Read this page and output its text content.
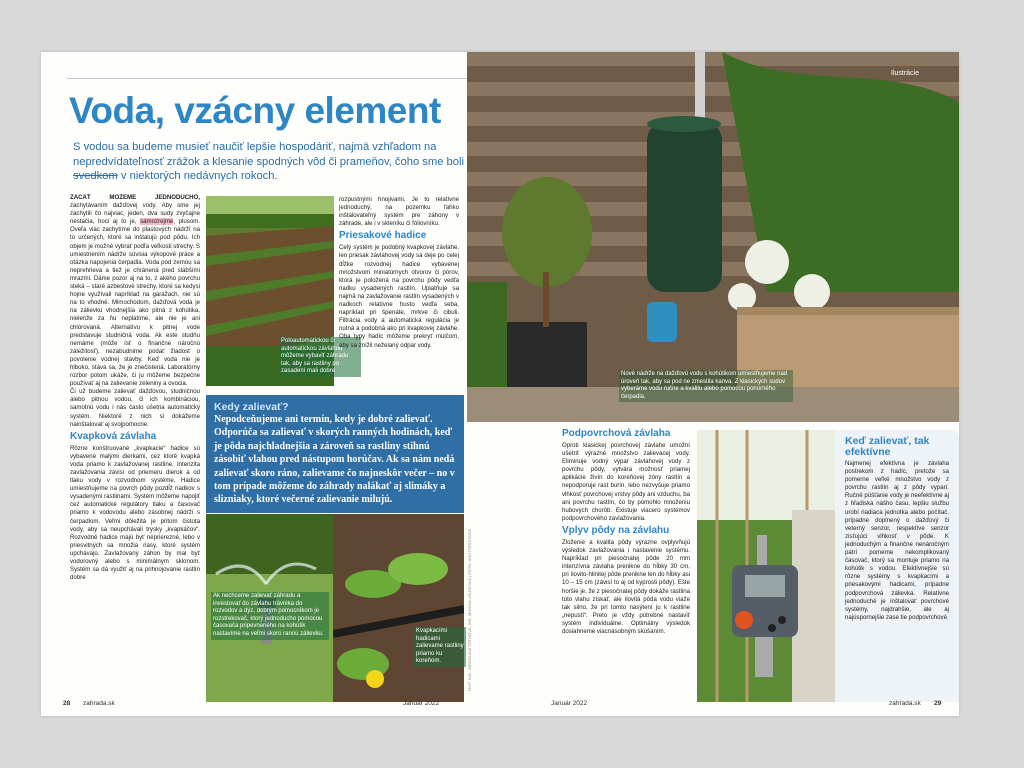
Voda, vzácny element
S vodou sa budeme musieť naučiť lepšie hospodáriť, najmä vzhľadom na nepredvídateľnosť zrážok a klesanie spodných vôd či prameňov, čoho sme boli svedkom v niektorých nedávnych rokoch.

ZAČAŤ MÔŽEME JEDNODUCHO, zachytávaním dažďovej vody. Aby sme jej zachytili čo najviac, jeden, dva sudy zvyčajne nestačia, hoci aj to je, samozrejme, plusom. Oveľa viac zachytíme do plastových nádrží na to určených, ktoré sa inštalujú pod pôdu. Ich objem je možné vybrať podľa veľkosti strechy. S umiestnením nádrže súvisia výkopové práce a otázka napojenia čerpadla. Voda pod zemou sa neprehrieva a tiež je chránená pred slabšími mrazmi. Dáme pozor aj na to, z akého povrchu steká – staré azbestové strechy, ktoré sa kedysi hojne využívali napríklad na garážach, nie sú na to vhodné. Mimochodom, dažďová voda je na zálievku vhodnejšia ako pitná z kohútika, nielenže za ňu neplatíme, ale nie je ani chlórovaná. Alternatívu k pitnej vode predstavuje studničná voda. Ak este studňu nemáme (môže ísť o finančne náročnú záležitosť), nezabudnime podať žiadosť o povolenie vodnej stavby. Keď voda nie je hlboko, stáva sa, že je znečistená. Laboratórny rozbor potom ukáže, či ju môžeme bezpečne používať aj na zalievanie zeleniny a ovocia.

Či už budeme zalievať dažďovou, studničnou alebo pitnou vodou, či ich kombináciou, samotnú vodu i nás často ušetria automatický systém. Niektoré z nich si dokážeme nainštalovať aj svojpomocne.

Kvapková závlaha

Rôzne konštruované „kvapkacie“ hadice sú vybavené malými dierkami, cez ktoré kvapká voda priamo k zavlažovanej rastline. Intenzita zavlažovania závisí od priemeru dierok a od tlaku vody v rozvodnom systéme. Hadice umiestňujeme na povrch pôdy pozdĺž riadkov s vysadenými rastlinami. Systém môžeme napojiť cez automatické regulátory tlaku a časovač priamo k vodovodu alebo zásobnej nádrži s čerpadlom. Veľmi dôležitá je pritom čistota vody, aby sa neupchávali trysky „kvapkáčov“. Rozvodné hadice majú byť neprierezné, lebo v priesvitných sa množia riasy, ktoré systém upchávajú. Zavlažovaný záhon by mal byť vodorovný alebo s minimálnym sklonom. Systém sa dá využiť aj na prihnojovanie rastlín dobre

Poloautomatickou či automatickou závlahou môžeme vybaviť záhradu tak, aby sa rastliny po zasadení mali dobre

rozpustnými hnojivami. Je to relatívne jednoduchý, na pozemku ľahko inštalovateľný systém pre záhony v záhrade, ale i v skleníku či fóliovníku.

Priesakové hadice

Celý systém je podobný kvapkovej závlahe, len priesak závlahovej vody sa deje po celej dĺžke rozvodnej hadice vybavenej množstvom miniatúrnych otvorov či pórov, ktorá je položená na povrchu pôdy vedľa riadku vysadených rastlín. Uplatňuje sa najmä na zavlažovanie rastlín vysadených v riadkoch relatívne husto vedľa seba, napríklad pri špenáte, mrkve či cibuli. Filtrácia vody a automatická regulácia je nutná a podobná ako pri kvapkovej závlahe. Oba typy hadíc môžeme prekryť mulčom, aby sa znížil neželaný odpar vody.

Kedy zalievať?
Nepodceňujeme ani termín, kedy je dobré zalievať. Odporúča sa zalievať v skorých ranných hodinách, keď je pôda najchladnejšia a zároveň sa rastliny stihnú zásobiť vlahou pred nástupom horúčav. Ak sa nám nedá zalievať skoro ráno, zalievame čo najneskôr večer – no v tom prípade môžeme do záhrady nalákať aj slimáky a slizniaky, ktoré večerné zalievanie milujú.
Ak nechceme zalievať záhradu a investovať do závlahu trávnika do rozvodov a dýz, dobrým pomocníkom je rozstrekovač, ktorý jednoducho pomocou časovača pripevneného na kohútik nastavíme na veľmi skorú rannú zálievku.	Kvapkacími hadicami zalievame rastliny priamo ku koreňom.	TEXT: ING. JAROSLAVA TÓTHOVÁ, ING. MONIKA VÁLEKOVÁ | FOTO: SHUTTERSTOCK
Ilustrácie
Nové nádrže na dažďovú vodu s kohútikom umiestňujeme nad úroveň tak, aby sa pod ne zmestila kanva. Z klasických sudov vyberáme vodu ručne a kvalitu alebo pomocou ponorného čerpadla.
Podpovrchová závlaha

Oproti klasickej povrchovej závlahe umožní ušetriť výrazné množstvo zalievacej vody. Eliminuje vodný výpar závlahovej vody z povrchu pôdy, vytvára možnosť priamej aplikácie živín do koreňovej zóny rastlín a nepodporuje rast burín, lebo nezvyšuje priamo vlhkosť povrchovej vrstvy pôdy ani vzduchu, ba ani povrchu rastlín, čo by pomohlo množeniu hubových chorôb. Existuje viacero systémov podpovrchového zavlažovania.

Vplyv pôdy na závlahu

Zloženie a kvalita pôdy výrazne ovplyvňujú výsledok zavlažovania i nastavenie systému. Napríklad pri piesočnatej pôde 20 mm intenzívna závlaha prenikne do hĺbky 30 cm, pri ílovito-hlinitej pôde prenikne len do hĺbky asi 10 – 15 cm (závisí to aj od kyprosti pôdy). Ešte horšie je, že z piesočnatej pôdy dokáže rastlina túto vlahu získať, ale ílovitá pôda vodu viaže tak silno, že pri tomto nasýtení ju k rastline „nepustí“. Preto je vždy potrebné nastaviť systém individuálne. Optimálny výsledok dosiahneme viacnásobným skúšaním.

Keď zalievať, tak efektívne
Najmenej efektívna je závlaha postrekom z hadíc, pretože sa pomerne veľké množstvo vody z povrchu rastlín aj z pôdy vyparí. Ručné púšťanie vody je neefektívne aj z hľadiska nášho času, lepšiu službu urobí riadiaca jednotka alebo počítač, prípadne doplnený o dažďový či veterný senzor, respektíve senzor zisťujúci vlhkosť v pôde. K jednoduchým a finančne nenáročným patrí pomerne nekomplikovaný časovač, ktorý sa montuje priamo na kohútik s vodou. Efektívnejšie sú rôzne systémy s kvapkacími a priesakovými hadicami, prípadne podpovrchová zálievka. Relatívne jednoduché je inštalovať povrchové systémy, najdrahšie, ale aj najúspornejšie zase tie podpovrchové.
28 zahrada.sk	Január 2022	Január 2022	zahrada.sk 29
